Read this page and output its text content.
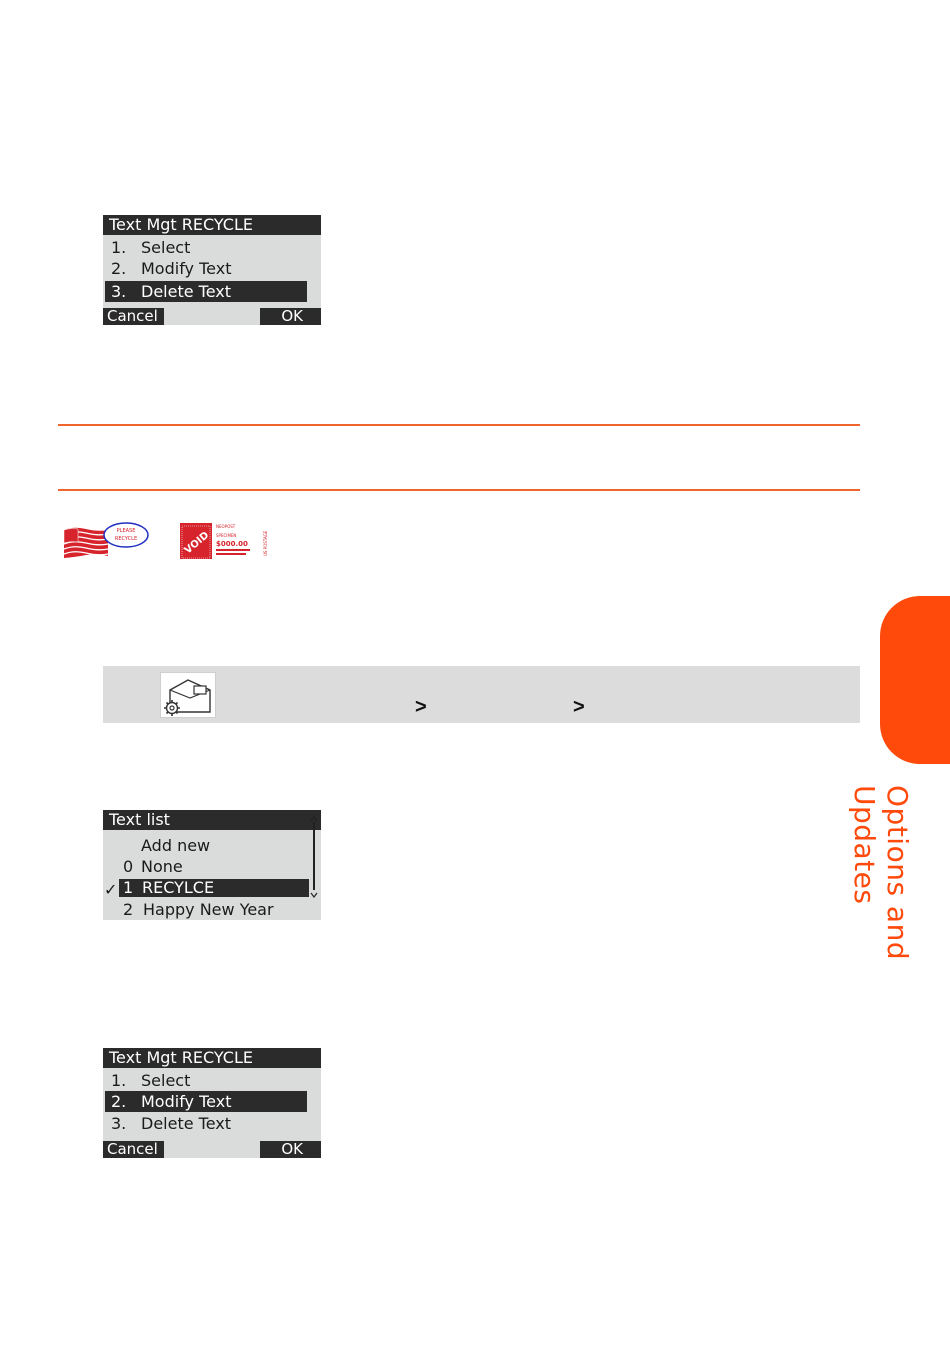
Text Mgt RECYCLE
1. Select
2. Modify Text
3. Delete Text
Cancel	OK
PLEASE
RECYCLE	VOID
NEOPOST
SPECIMEN
$000.00	US POSTAGE
Options and Updates
>	>
Text list
Add new
0 None
✓ 1 RECYLCE
2 Happy New Year
Text Mgt RECYCLE
1. Select
2. Modify Text
3. Delete Text
Cancel	OK
